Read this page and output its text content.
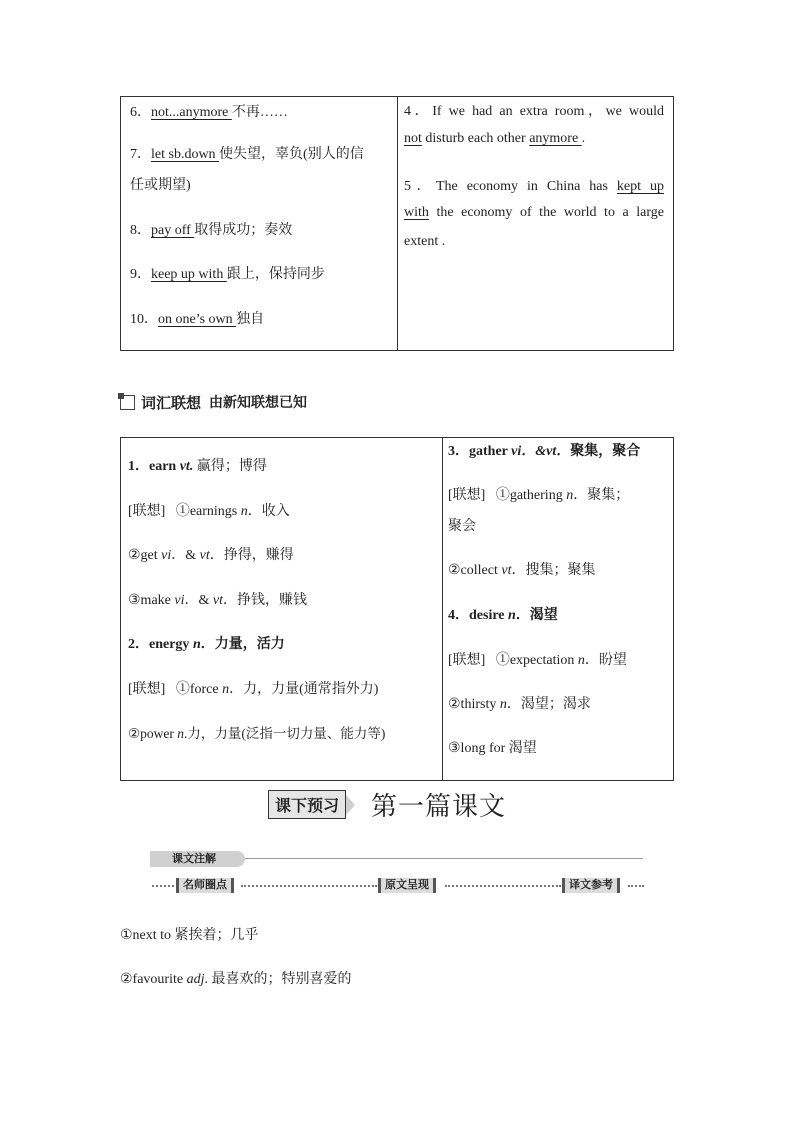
6．not...anymore 不再……
7．let sb.down 使失望，辜负(别人的信
任或期望)
8．pay off 取得成功；奏效
9．keep up with 跟上，保持同步
10．on one’s own 独自
4．If we had an extra room，we would
not disturb each other anymore .
5．The economy in China has kept up
with the economy of the world to a large
extent .
词汇联想 由新知联想已知
1．earn vt. 赢得；博得
[联想] ①earnings n．收入
②get vi．& vt．挣得，赚得
③make vi．& vt．挣钱，赚钱
2．energy n．力量，活力
[联想] ①force n．力，力量(通常指外力)
②power n.力，力量(泛指一切力量、能力等)
3．gather vi．&vt．聚集，聚合
[联想] ①gathering n．聚集；
聚会
②collect vt．搜集；聚集
4．desire n．渴望
[联想] ①expectation n．盼望
②thirsty n．渴望；渴求
③long for 渴望
课下预习 第一篇课文
课文注解
名师圈点	原文呈现	译文参考
①next to 紧挨着；几乎
②favourite adj. 最喜欢的；特别喜爱的
